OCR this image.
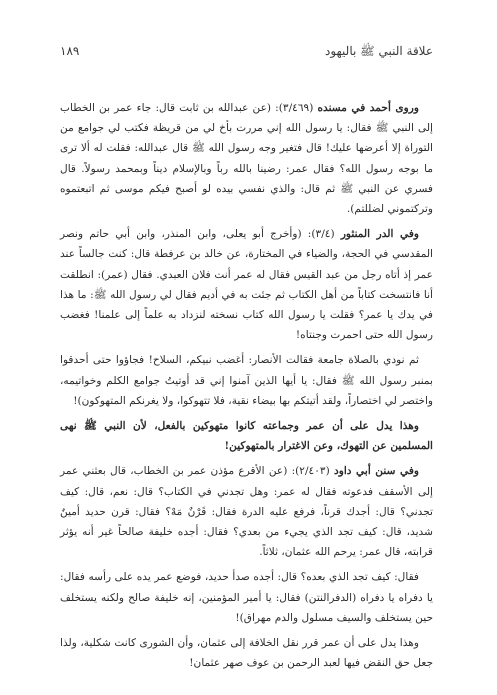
علاقة النبي ﷺ باليهود
١٨٩

وروى أحمد في مسنده (٣/٤٦٩): (عن عبدالله بن ثابت قال: جاء عمر بن الخطاب إلى النبي ﷺ فقال: يا رسول الله إني مررت بأخ لي من قريظة فكتب لي جوامع من التوراة إلا أعرضها عليك! قال فتغير وجه رسول الله ﷺ قال عبدالله: فقلت له ألا ترى ما بوجه رسول الله؟ فقال عمر: رضينا بالله رباً وبالإسلام ديناً وبمحمد رسولاً. قال فسري عن النبي ﷺ ثم قال: والذي نفسي بيده لو أصبح فيكم موسى ثم اتبعتموه وتركتموني لضللتم).

وفي الدر المنثور (٣/٤): (وأخرج أبو يعلى، وابن المنذر، وابن أبي حاتم ونصر المقدسي في الحجة، والضياء في المختارة، عن خالد بن عرفطة قال: كنت جالساً عند عمر إذ أتاه رجل من عبد القيس فقال له عمر أنت فلان العبدي. فقال (عمر): انطلقت أنا فانتسخت كتاباً من أهل الكتاب ثم جئت به في أديم فقال لي رسول الله ﷺ: ما هذا في يدك يا عمر؟ فقلت يا رسول الله كتاب نسخته لنزداد به علماً إلى علمنا! فغضب رسول الله حتى احمرت وجنتاه!

ثم نودي بالصلاة جامعة فقالت الأنصار: أغضب نبيكم، السلاح! فجاؤوا حتى أحدقوا بمنبر رسول الله ﷺ فقال: يا أيها الذين آمنوا إني قد أوتيتُ جوامع الكلم وخواتيمه، واختصر لي اختصاراً، ولقد أتيتكم بها بيضاء نقية، فلا تتهوكوا، ولا يغرنكم المتهوكون)!

وهذا يدل على أن عمر وجماعته كانوا متهوكين بالفعل، لأن النبي ﷺ نهى المسلمين عن التهوك، وعن الاغترار بالمتهوكين!

وفي سنن أبي داود (٢/٤٠٣): (عن الأقرع مؤذن عمر بن الخطاب، قال بعثني عمر إلى الأسقف فدعوته فقال له عمر: وهل تجدني في الكتاب؟ قال: نعم، قال: كيف تجدني؟ قال: أجدك قرناً، فرفع عليه الدرة فقال: قَرْنٌ مَهْ؟ فقال: قرن حديد أمينٌ شديد، قال: كيف تجد الذي يجيء من بعدي؟ فقال: أجده خليفة صالحاً غير أنه يؤثر قرابته، قال عمر: يرحم الله عثمان، ثلاثاً.

فقال: كيف تجد الذي بعده؟ قال: أجده صدأ حديد، فوضع عمر يده على رأسه فقال: يا دفراه يا دفراه (الدفرالنتن) فقال: يا أمير المؤمنين، إنه خليفة صالح ولكنه يستخلف حين يستخلف والسيف مسلول والدم مهراق)!

وهذا يدل على أن عمر قرر نقل الخلافة إلى عثمان، وأن الشورى كانت شكلية، ولذا جعل حق النقض فيها لعبد الرحمن بن عوف صهر عثمان!
